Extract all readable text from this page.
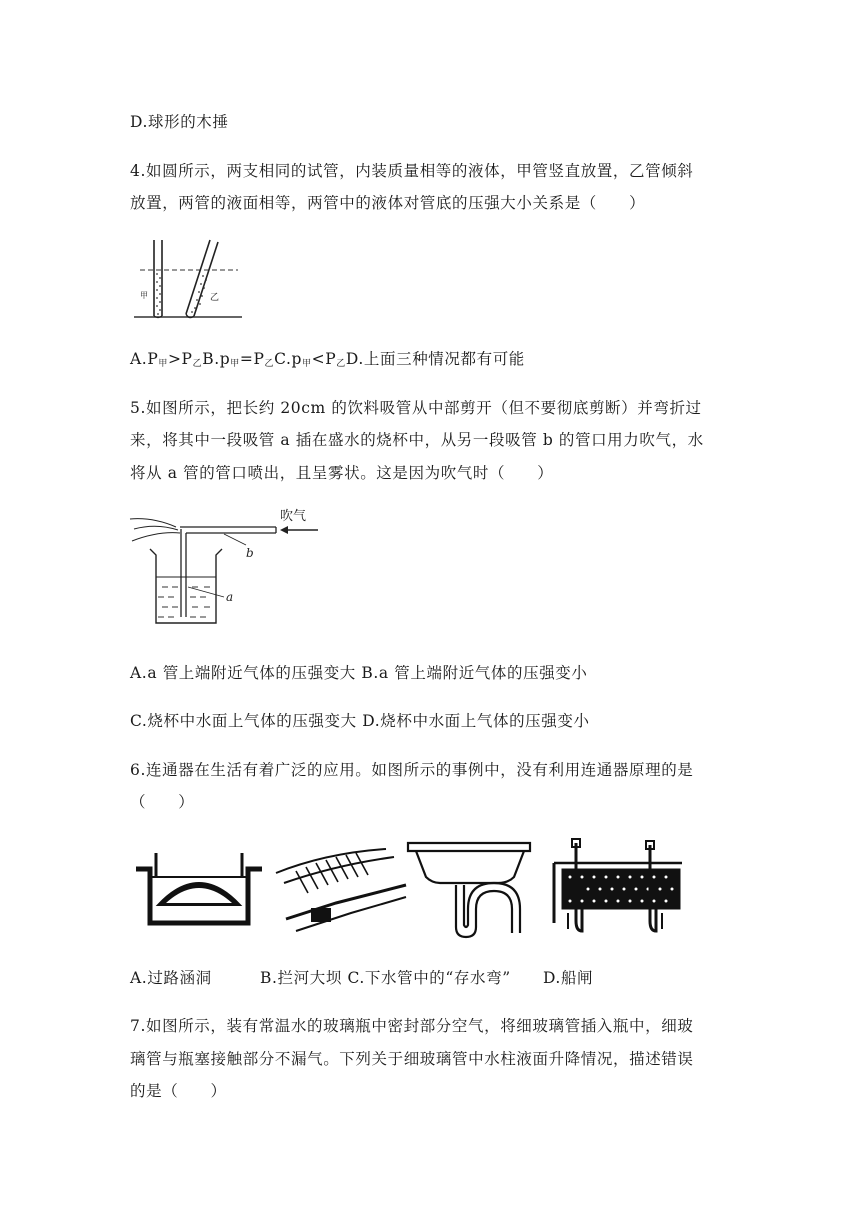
D.球形的木捶
4.如圆所示，两支相同的试管，内装质量相等的液体，甲管竖直放置，乙管倾斜
放置，两管的液面相等，两管中的液体对管底的压强大小关系是（　　）
甲	乙
$A.P_甲>P_乙B.p_甲=P_乙C.p_甲<P_乙D$.上面三种情况都有可能
5.如图所示，把长约 20cm 的饮料吸管从中部剪开（但不要彻底剪断）并弯折过
来，将其中一段吸管 a 插在盛水的烧杯中，从另一段吸管 b 的管口用力吹气，水
将从 a 管的管口喷出，且呈雾状。这是因为吹气时（　　）
吹气
b
a
A.a 管上端附近气体的压强变大 B.a 管上端附近气体的压强变小
C.烧杯中水面上气体的压强变大 D.烧杯中水面上气体的压强变小
6.连通器在生活有着广泛的应用。如图所示的事例中，没有利用连通器原理的是
（　　）
A.过路涵洞　　　B.拦河大坝 C.下水管中的“存水弯”　　D.船闸
7.如图所示，装有常温水的玻璃瓶中密封部分空气，将细玻璃管插入瓶中，细玻
璃管与瓶塞接触部分不漏气。下列关于细玻璃管中水柱液面升降情况，描述错误
的是（　　）
